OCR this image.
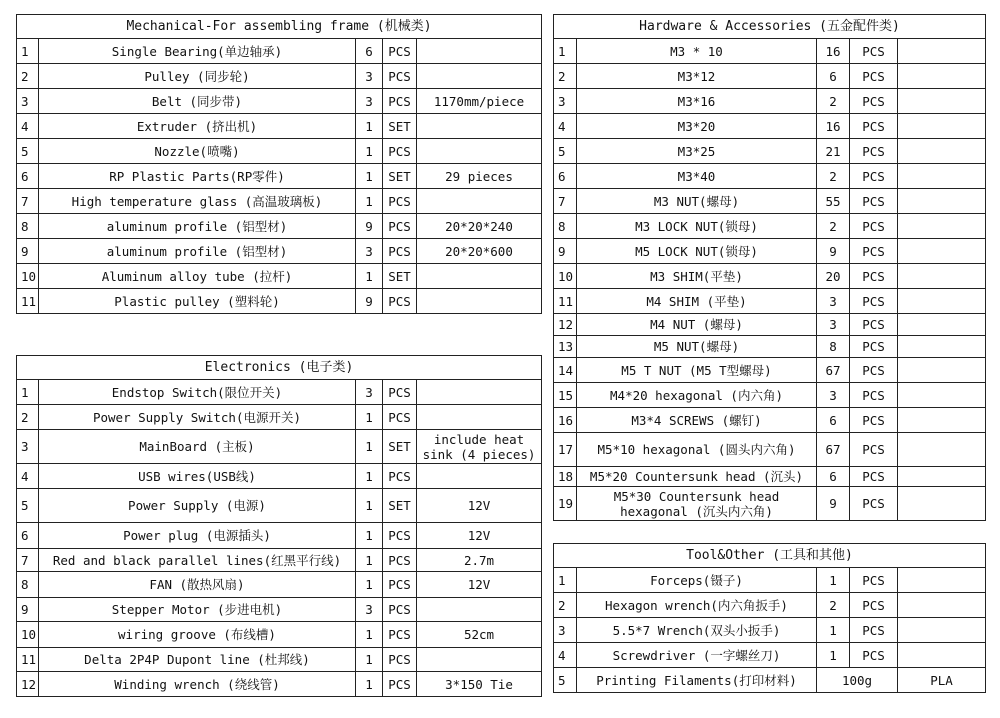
Mechanical-For assembling frame (机械类)				
1	Single Bearing(单边轴承)	6	PCS	
2	Pulley (同步轮)	3	PCS	
3	Belt (同步带)	3	PCS	1170mm/piece
4	Extruder (挤出机)	1	SET	
5	Nozzle(喷嘴)	1	PCS	
6	RP Plastic Parts(RP零件)	1	SET	29 pieces
7	High temperature glass (高温玻璃板)	1	PCS	
8	aluminum profile (铝型材)	9	PCS	20*20*240
9	aluminum profile (铝型材)	3	PCS	20*20*600
10	Aluminum alloy tube (拉杆)	1	SET	
11	Plastic pulley (塑料轮)	9	PCS	
Electronics (电子类)				
1	Endstop Switch(限位开关)	3	PCS	
2	Power Supply Switch(电源开关)	1	PCS	
3	MainBoard (主板)	1	SET	include heat sink (4 pieces)
4	USB wires(USB线)	1	PCS	
5	Power Supply (电源)	1	SET	12V
6	Power plug (电源插头)	1	PCS	12V
7	Red and black parallel lines(红黑平行线)	1	PCS	2.7m
8	FAN (散热风扇)	1	PCS	12V
9	Stepper Motor (步进电机)	3	PCS	
10	wiring groove (布线槽)	1	PCS	52cm
11	Delta 2P4P Dupont line (杜邦线)	1	PCS	
12	Winding wrench (绕线管)	1	PCS	3*150 Tie
Hardware & Accessories (五金配件类)				
1	M3 * 10	16	PCS	
2	M3*12	6	PCS	
3	M3*16	2	PCS	
4	M3*20	16	PCS	
5	M3*25	21	PCS	
6	M3*40	2	PCS	
7	M3 NUT(螺母)	55	PCS	
8	M3 LOCK NUT(锁母)	2	PCS	
9	M5 LOCK NUT(锁母)	9	PCS	
10	M3 SHIM(平垫)	20	PCS	
11	M4 SHIM (平垫)	3	PCS	
12	M4 NUT (螺母)	3	PCS	
13	M5 NUT(螺母)	8	PCS	
14	M5 T NUT (M5 T型螺母)	67	PCS	
15	M4*20 hexagonal (内六角)	3	PCS	
16	M3*4 SCREWS (螺钉)	6	PCS	
17	M5*10 hexagonal (圆头内六角)	67	PCS	
18	M5*20 Countersunk head (沉头)	6	PCS	
19	M5*30 Countersunk head hexagonal (沉头内六角)	9	PCS	
Tool&Other (工具和其他)				
1	Forceps(镊子)	1	PCS	
2	Hexagon wrench(内六角扳手)	2	PCS	
3	5.5*7 Wrench(双头小扳手)	1	PCS	
4	Screwdriver (一字螺丝刀)	1	PCS	
5	Printing Filaments(打印材料)	100g		PLA
